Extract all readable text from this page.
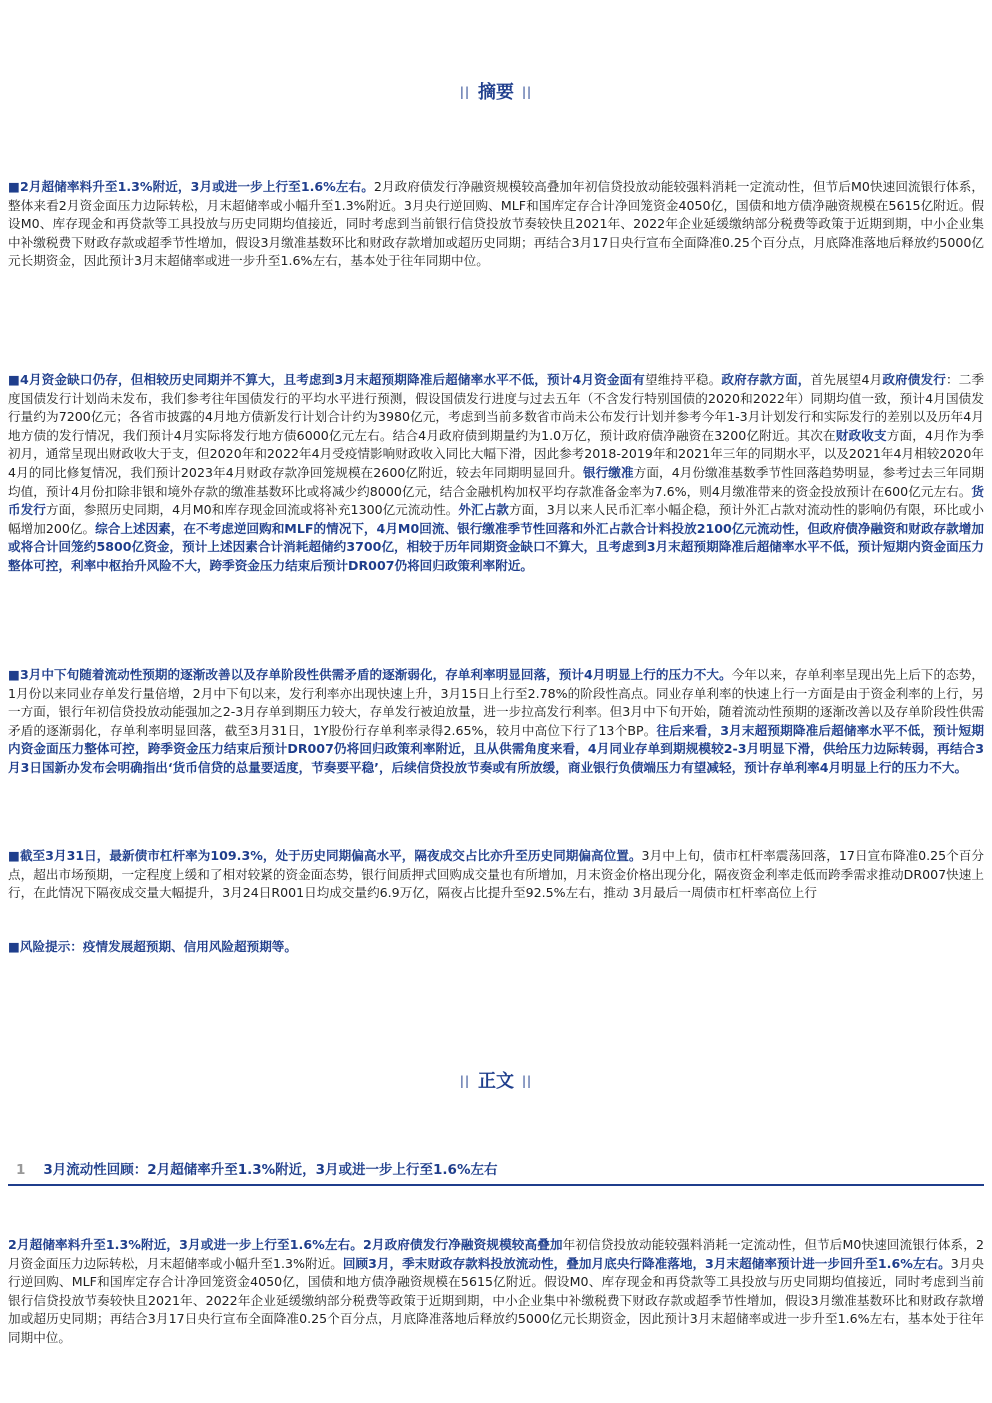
|​| 摘要 |​|

■2月超储率料升至1.3%附近，3月或进一步上行至1.6%左右。2月政府债发行净融资规模较高叠加年初信贷投放动能较强料消耗一定流动性，但节后M0快速回流银行体系，整体来看2月资金面压力边际转松，月末超储率或小幅升至1.3%附近。3月央行逆回购、MLF和国库定存合计净回笼资金4050亿，国债和地方债净融资规模在5615亿附近。假设M0、库存现金和再贷款等工具投放与历史同期均值接近，同时考虑到当前银行信贷投放节奏较快且2021年、2022年企业延缓缴纳部分税费等政策于近期到期，中小企业集中补缴税费下财政存款或超季节性增加，假设3月缴准基数环比和财政存款增加或超历史同期；再结合3月17日央行宣布全面降准0.25个百分点，月底降准落地后释放约5000亿元长期资金，因此预计3月末超储率或进一步升至1.6%左右，基本处于往年同期中位。

■4月资金缺口仍存，但相较历史同期并不算大，且考虑到3月末超预期降准后超储率水平不低，预计4月资金面有望维持平稳。政府存款方面，首先展望4月政府债发行：二季度国债发行计划尚未发布，我们参考往年国债发行的平均水平进行预测，假设国债发行进度与过去五年（不含发行特别国债的2020和2022年）同期均值一致，预计4月国债发行量约为7200亿元；各省市披露的4月地方债新发行计划合计约为3980亿元，考虑到当前多数省市尚未公布发行计划并参考今年1-3月计划发行和实际发行的差别以及历年4月地方债的发行情况，我们预计4月实际将发行地方债6000亿元左右。结合4月政府债到期量约为1.0万亿，预计政府债净融资在3200亿附近。其次在财政收支方面，4月作为季初月，通常呈现出财政收大于支，但2020年和2022年4月受疫情影响财政收入同比大幅下滑，因此参考2018-2019年和2021年三年的同期水平，以及2021年4月相较2020年4月的同比修复情况，我们预计2023年4月财政存款净回笼规模在2600亿附近，较去年同期明显回升。银行缴准方面，4月份缴准基数季节性回落趋势明显，参考过去三年同期均值，预计4月份扣除非银和境外存款的缴准基数环比或将减少约8000亿元，结合金融机构加权平均存款准备金率为7.6%，则4月缴准带来的资金投放预计在600亿元左右。货币发行方面，参照历史同期，4月M0和库存现金回流或将补充1300亿元流动性。外汇占款方面，3月以来人民币汇率小幅企稳，预计外汇占款对流动性的影响仍有限，环比或小幅增加200亿。综合上述因素，在不考虑逆回购和MLF的情况下，4月M0回流、银行缴准季节性回落和外汇占款合计料投放2100亿元流动性，但政府债净融资和财政存款增加或将合计回笼约5800亿资金，预计上述因素合计消耗超储约3700亿，相较于历年同期资金缺口不算大，且考虑到3月末超预期降准后超储率水平不低，预计短期内资金面压力整体可控，利率中枢抬升风险不大，跨季资金压力结束后预计DR007仍将回归政策利率附近。

■3月中下旬随着流动性预期的逐渐改善以及存单阶段性供需矛盾的逐渐弱化，存单利率明显回落，预计4月明显上行的压力不大。今年以来，存单利率呈现出先上后下的态势， 1月份以来同业存单发行量倍增，2月中下旬以来，发行利率亦出现快速上升，3月15日上行至2.78%的阶段性高点。同业存单利率的快速上行一方面是由于资金利率的上行，另一方面，银行年初信贷投放动能强加之2-3月存单到期压力较大，存单发行被迫放量，进一步拉高发行利率。但3月中下旬开始，随着流动性预期的逐渐改善以及存单阶段性供需矛盾的逐渐弱化，存单利率明显回落，截至3月31日，1Y股份行存单利率录得2.65%，较月中高位下行了13个BP。往后来看，3月末超预期降准后超储率水平不低，预计短期内资金面压力整体可控，跨季资金压力结束后预计DR007仍将回归政策利率附近，且从供需角度来看，4月同业存单到期规模较2-3月明显下滑，供给压力边际转弱，再结合3月3日国新办发布会明确指出‘货币信贷的总量要适度，节奏要平稳’，后续信贷投放节奏或有所放缓，商业银行负债端压力有望减轻，预计存单利率4月明显上行的压力不大。

■截至3月31日，最新债市杠杆率为109.3%，处于历史同期偏高水平，隔夜成交占比亦升至历史同期偏高位置。3月中上旬，债市杠杆率震荡回落，17日宣布降准0.25个百分点，超出市场预期，一定程度上缓和了相对较紧的资金面态势，银行间质押式回购成交量也有所增加，月末资金价格出现分化，隔夜资金利率走低而跨季需求推动DR007快速上行，在此情况下隔夜成交量大幅提升，3月24日R001日均成交量约6.9万亿，隔夜占比提升至92.5%左右，推动 3月最后一周债市杠杆率高位上行

■风险提示：疫情发展超预期、信用风险超预期等。

|​| 正文 |​|
1 3月流动性回顾：2月超储率升至1.3%附近，3月或进一步上行至1.6%左右

2月超储率料升至1.3%附近，3月或进一步上行至1.6%左右。2月政府债发行净融资规模较高叠加年初信贷投放动能较强料消耗一定流动性，但节后M0快速回流银行体系，2月资金面压力边际转松，月末超储率或小幅升至1.3%附近。回顾3月，季末财政存款料投放流动性，叠加月底央行降准落地，3月末超储率预计进一步回升至1.6%左右。3月央行逆回购、MLF和国库定存合计净回笼资金4050亿，国债和地方债净融资规模在5615亿附近。假设M0、库存现金和再贷款等工具投放与历史同期均值接近，同时考虑到当前银行信贷投放节奏较快且2021年、2022年企业延缓缴纳部分税费等政策于近期到期，中小企业集中补缴税费下财政存款或超季节性增加，假设3月缴准基数环比和财政存款增加或超历史同期；再结合3月17日央行宣布全面降准0.25个百分点，月底降准落地后释放约5000亿元长期资金，因此预计3月末超储率或进一步升至1.6%左右，基本处于往年同期中位。
